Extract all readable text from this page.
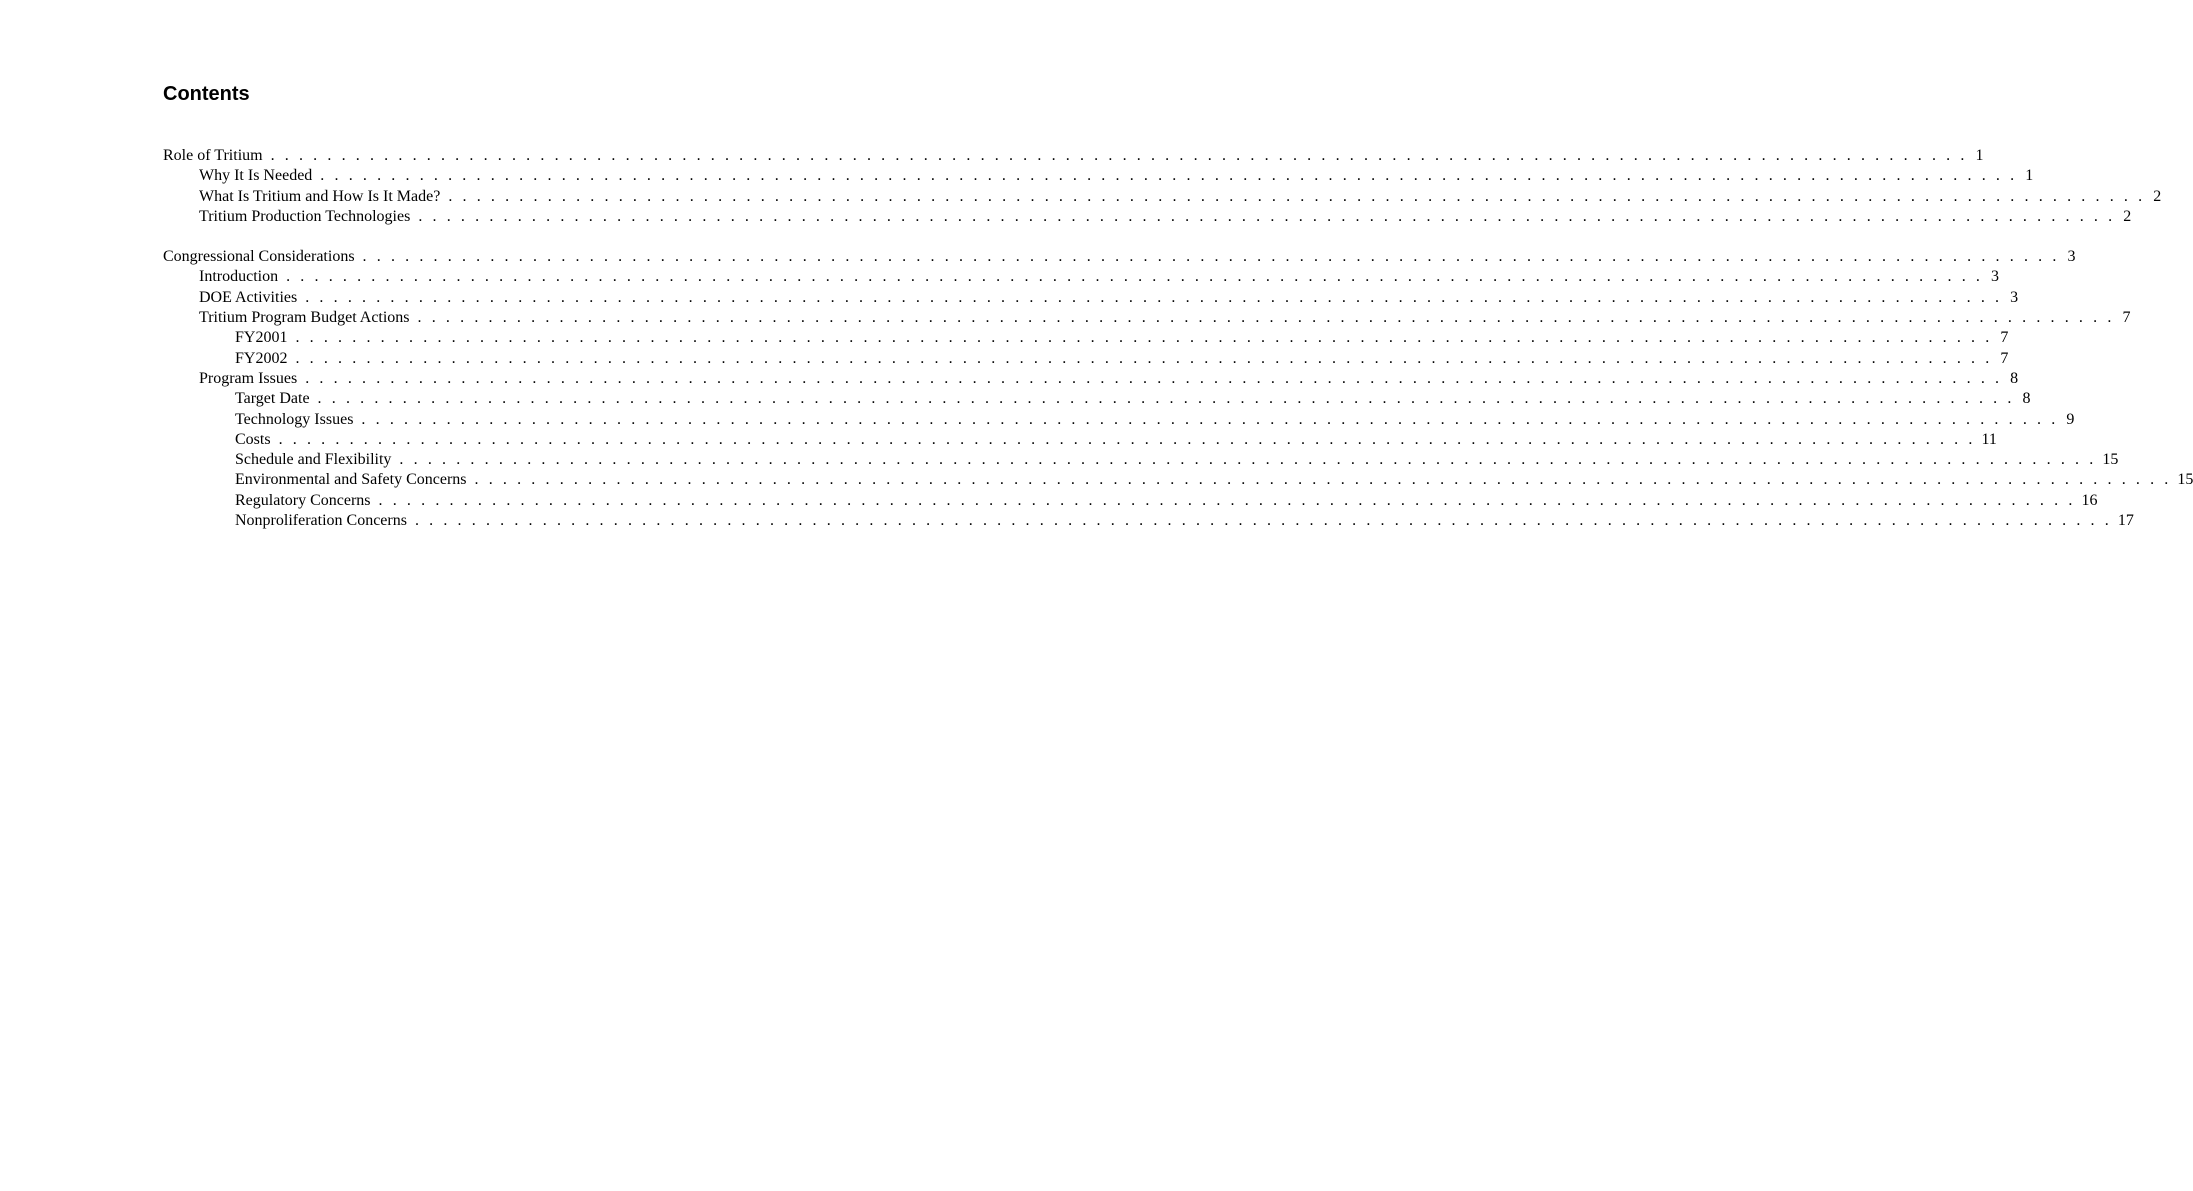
Contents
Role of Tritium . . . . . . . . . . . . . . . . . . . . . . . . . . . . . . . . . . . . . . . . . . . . . . . . . . . . . . . . . . . . . . . . . . . . . . . . . . . . . . . . . . . . . . . . . . . . . . . . . . . . . . . . . . . . . . . . . . . . . . . . 1
Why It Is Needed . . . . . . . . . . . . . . . . . . . . . . . . . . . . . . . . . . . . . . . . . . . . . . . . . . . . . . . . . . . . . . . . . . . . . . . . . . . . . . . . . . . . . . . . . . . . . . . . . . . . . . . . . . . . . . . . . . . . . . . . 1
What Is Tritium and How Is It Made? . . . . . . . . . . . . . . . . . . . . . . . . . . . . . . . . . . . . . . . . . . . . . . . . . . . . . . . . . . . . . . . . . . . . . . . . . . . . . . . . . . . . . . . . . . . . . . . . . . . . . . . . . . . . . . . . . . . . . . . . 2
Tritium Production Technologies . . . . . . . . . . . . . . . . . . . . . . . . . . . . . . . . . . . . . . . . . . . . . . . . . . . . . . . . . . . . . . . . . . . . . . . . . . . . . . . . . . . . . . . . . . . . . . . . . . . . . . . . . . . . . . . . . . . . . . . . 2
Congressional Considerations . . . . . . . . . . . . . . . . . . . . . . . . . . . . . . . . . . . . . . . . . . . . . . . . . . . . . . . . . . . . . . . . . . . . . . . . . . . . . . . . . . . . . . . . . . . . . . . . . . . . . . . . . . . . . . . . . . . . . . . . 3
Introduction . . . . . . . . . . . . . . . . . . . . . . . . . . . . . . . . . . . . . . . . . . . . . . . . . . . . . . . . . . . . . . . . . . . . . . . . . . . . . . . . . . . . . . . . . . . . . . . . . . . . . . . . . . . . . . . . . . . . . . . . 3
DOE Activities . . . . . . . . . . . . . . . . . . . . . . . . . . . . . . . . . . . . . . . . . . . . . . . . . . . . . . . . . . . . . . . . . . . . . . . . . . . . . . . . . . . . . . . . . . . . . . . . . . . . . . . . . . . . . . . . . . . . . . . . 3
Tritium Program Budget Actions . . . . . . . . . . . . . . . . . . . . . . . . . . . . . . . . . . . . . . . . . . . . . . . . . . . . . . . . . . . . . . . . . . . . . . . . . . . . . . . . . . . . . . . . . . . . . . . . . . . . . . . . . . . . . . . . . . . . . . . . 7
FY2001 . . . . . . . . . . . . . . . . . . . . . . . . . . . . . . . . . . . . . . . . . . . . . . . . . . . . . . . . . . . . . . . . . . . . . . . . . . . . . . . . . . . . . . . . . . . . . . . . . . . . . . . . . . . . . . . . . . . . . . . . 7
FY2002 . . . . . . . . . . . . . . . . . . . . . . . . . . . . . . . . . . . . . . . . . . . . . . . . . . . . . . . . . . . . . . . . . . . . . . . . . . . . . . . . . . . . . . . . . . . . . . . . . . . . . . . . . . . . . . . . . . . . . . . . 7
Program Issues . . . . . . . . . . . . . . . . . . . . . . . . . . . . . . . . . . . . . . . . . . . . . . . . . . . . . . . . . . . . . . . . . . . . . . . . . . . . . . . . . . . . . . . . . . . . . . . . . . . . . . . . . . . . . . . . . . . . . . . . 8
Target Date . . . . . . . . . . . . . . . . . . . . . . . . . . . . . . . . . . . . . . . . . . . . . . . . . . . . . . . . . . . . . . . . . . . . . . . . . . . . . . . . . . . . . . . . . . . . . . . . . . . . . . . . . . . . . . . . . . . . . . . . 8
Technology Issues . . . . . . . . . . . . . . . . . . . . . . . . . . . . . . . . . . . . . . . . . . . . . . . . . . . . . . . . . . . . . . . . . . . . . . . . . . . . . . . . . . . . . . . . . . . . . . . . . . . . . . . . . . . . . . . . . . . . . . . . 9
Costs . . . . . . . . . . . . . . . . . . . . . . . . . . . . . . . . . . . . . . . . . . . . . . . . . . . . . . . . . . . . . . . . . . . . . . . . . . . . . . . . . . . . . . . . . . . . . . . . . . . . . . . . . . . . . . . . . . . . . . . . 11
Schedule and Flexibility . . . . . . . . . . . . . . . . . . . . . . . . . . . . . . . . . . . . . . . . . . . . . . . . . . . . . . . . . . . . . . . . . . . . . . . . . . . . . . . . . . . . . . . . . . . . . . . . . . . . . . . . . . . . . . . . . . . . . . . . 15
Environmental and Safety Concerns . . . . . . . . . . . . . . . . . . . . . . . . . . . . . . . . . . . . . . . . . . . . . . . . . . . . . . . . . . . . . . . . . . . . . . . . . . . . . . . . . . . . . . . . . . . . . . . . . . . . . . . . . . . . . . . . . . . . . . . . 15
Regulatory Concerns . . . . . . . . . . . . . . . . . . . . . . . . . . . . . . . . . . . . . . . . . . . . . . . . . . . . . . . . . . . . . . . . . . . . . . . . . . . . . . . . . . . . . . . . . . . . . . . . . . . . . . . . . . . . . . . . . . . . . . . . 16
Nonproliferation Concerns . . . . . . . . . . . . . . . . . . . . . . . . . . . . . . . . . . . . . . . . . . . . . . . . . . . . . . . . . . . . . . . . . . . . . . . . . . . . . . . . . . . . . . . . . . . . . . . . . . . . . . . . . . . . . . . . . . . . . . . . 17
